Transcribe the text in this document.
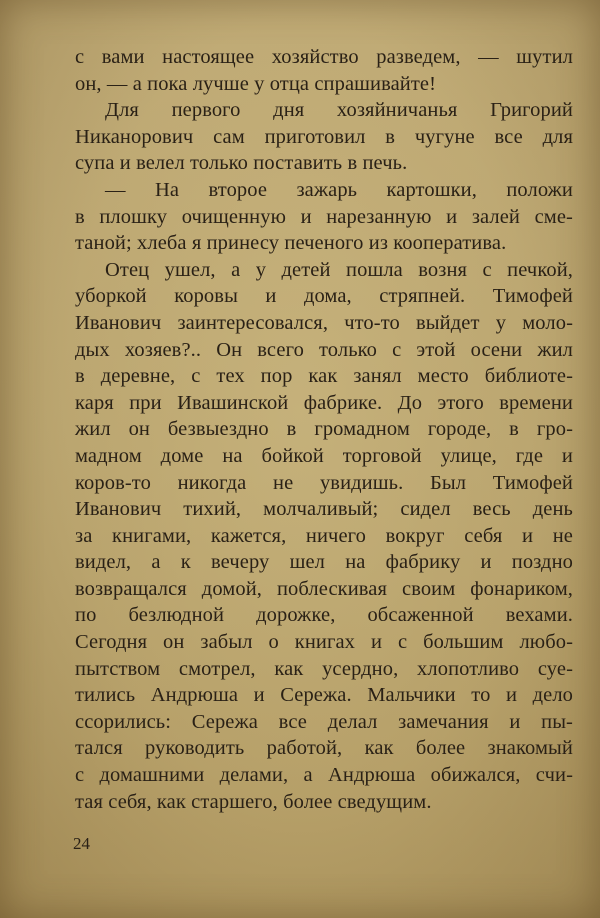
с вами настоящее хозяйство разведем, — шутил
он, — а пока лучше у отца спрашивайте!
Для первого дня хозяйничанья Григорий
Никанорович сам приготовил в чугуне все для
супа и велел только поставить в печь.
— На второе зажарь картошки, положи
в плошку очищенную и нарезанную и залей сме-
таной; хлеба я принесу печеного из кооператива.
Отец ушел, а у детей пошла возня с печкой,
уборкой коровы и дома, стряпней. Тимофей
Иванович заинтересовался, что-то выйдет у моло-
дых хозяев?.. Он всего только с этой осени жил
в деревне, с тех пор как занял место библиоте-
каря при Ивашинской фабрике. До этого времени
жил он безвыездно в громадном городе, в гро-
мадном доме на бойкой торговой улице, где и
коров-то никогда не увидишь. Был Тимофей
Иванович тихий, молчаливый; сидел весь день
за книгами, кажется, ничего вокруг себя и не
видел, а к вечеру шел на фабрику и поздно
возвращался домой, поблескивая своим фонариком,
по безлюдной дорожке, обсаженной вехами.
Сегодня он забыл о книгах и с большим любо-
пытством смотрел, как усердно, хлопотливо суе-
тились Андрюша и Сережа. Мальчики то и дело
ссорились: Сережа все делал замечания и пы-
тался руководить работой, как более знакомый
с домашними делами, а Андрюша обижался, счи-
тая себя, как старшего, более сведущим.
24
